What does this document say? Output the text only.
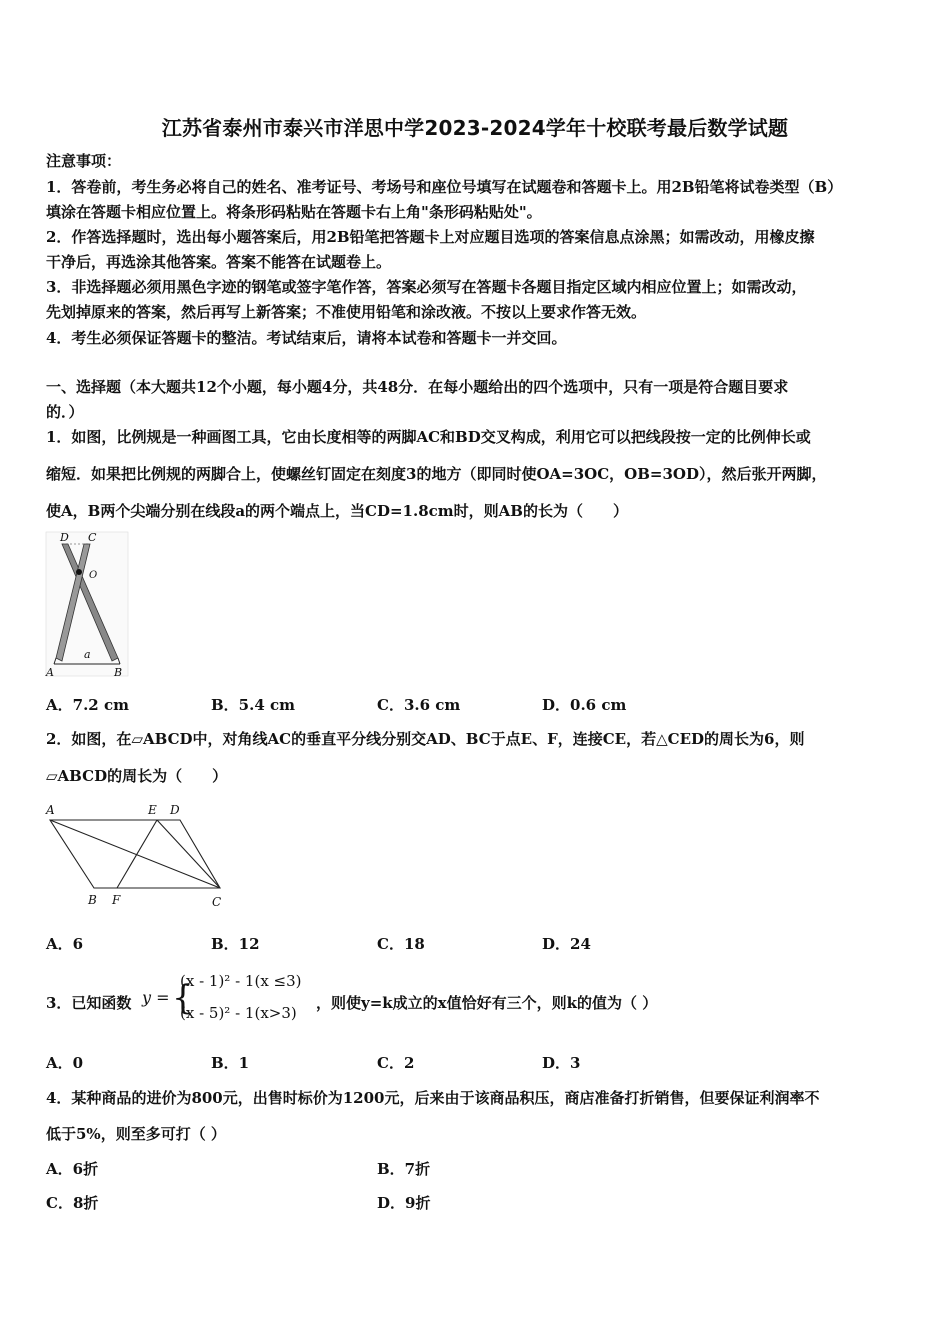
江苏省泰州市泰兴市洋思中学2023-2024学年十校联考最后数学试题
注意事项：
1．答卷前，考生务必将自己的姓名、准考证号、考场号和座位号填写在试题卷和答题卡上。用2B铅笔将试卷类型（B）
填涂在答题卡相应位置上。将条形码粘贴在答题卡右上角"条形码粘贴处"。
2．作答选择题时，选出每小题答案后，用2B铅笔把答题卡上对应题目选项的答案信息点涂黑；如需改动，用橡皮擦
干净后，再选涂其他答案。答案不能答在试题卷上。
3．非选择题必须用黑色字迹的钢笔或签字笔作答，答案必须写在答题卡各题目指定区域内相应位置上；如需改动，
先划掉原来的答案，然后再写上新答案；不准使用铅笔和涂改液。不按以上要求作答无效。
4．考生必须保证答题卡的整洁。考试结束后，请将本试卷和答题卡一并交回。
一、选择题（本大题共12个小题，每小题4分，共48分．在每小题给出的四个选项中，只有一项是符合题目要求
的．）
1．如图，比例规是一种画图工具，它由长度相等的两脚AC和BD交叉构成，利用它可以把线段按一定的比例伸长或
缩短．如果把比例规的两脚合上，使螺丝钉固定在刻度3的地方（即同时使OA=3OC，OB=3OD），然后张开两脚，
使A，B两个尖端分别在线段a的两个端点上，当CD=1.8cm时，则AB的长为（　　）
D C
O
a
A	B
A．7.2 cm	B．5.4 cm	C．3.6 cm	D．0.6 cm
2．如图，在▱ABCD中，对角线AC的垂直平分线分别交AD、BC于点E、F，连接CE，若△CED的周长为6，则
▱ABCD的周长为（　　）
A	E D
B F	C
A．6	B．12	C．18	D．24
3．已知函数 y = {
(x - 1)² - 1(x ≤3)
(x - 5)² - 1(x>3)
，则使y=k成立的x值恰好有三个，则k的值为（ ）
A．0	B．1	C．2	D．3
4．某种商品的进价为800元，出售时标价为1200元，后来由于该商品积压，商店准备打折销售，但要保证利润率不
低于5%，则至多可打（ ）
A．6折	B．7折
C．8折	D．9折
